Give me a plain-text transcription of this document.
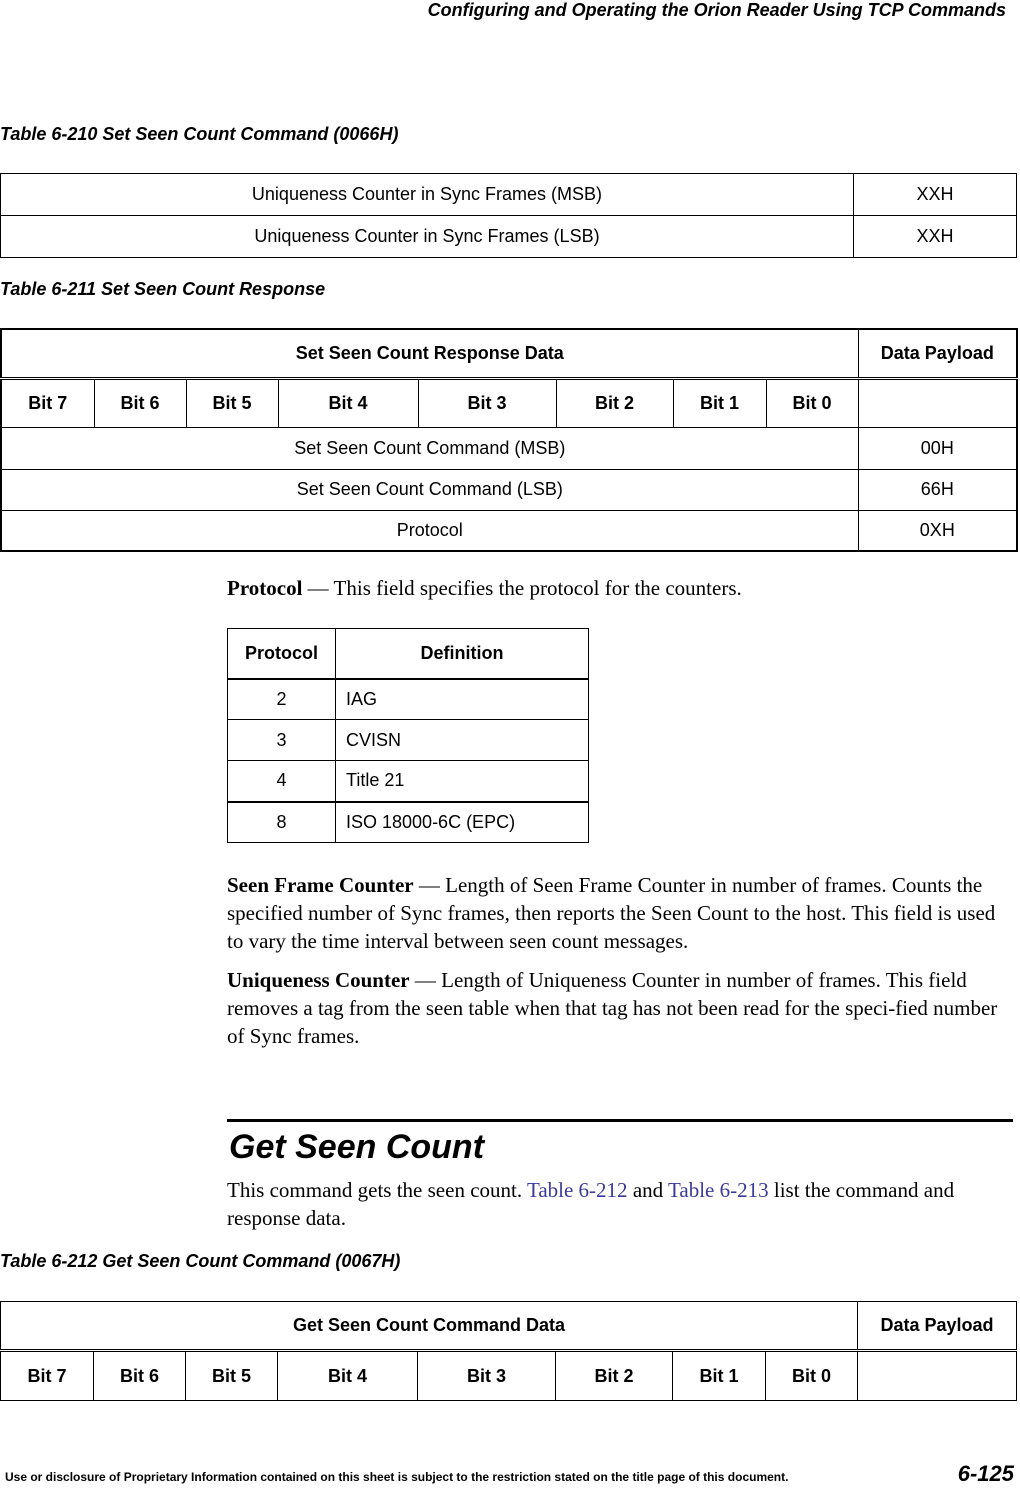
Configuring and Operating the Orion Reader Using TCP Commands
Table 6-210 Set Seen Count Command (0066H)
Uniqueness Counter in Sync Frames (MSB)	XXH
Uniqueness Counter in Sync Frames (LSB)	XXH
Table 6-211 Set Seen Count Response
Set Seen Count Response Data								Data Payload
Bit 7	Bit 6	Bit 5	Bit 4	Bit 3	Bit 2	Bit 1	Bit 0	
Set Seen Count Command (MSB)								00H
Set Seen Count Command (LSB)								66H
Protocol								0XH
Protocol — This field specifies the protocol for the counters.
Protocol	Definition
2	IAG
3	CVISN
4	Title 21
8	ISO 18000-6C (EPC)
Seen Frame Counter — Length of Seen Frame Counter in number of frames. Counts the specified number of Sync frames, then reports the Seen Count to the host. This field is used to vary the time interval between seen count messages.
Uniqueness Counter — Length of Uniqueness Counter in number of frames. This field removes a tag from the seen table when that tag has not been read for the speci-fied number of Sync frames.
Get Seen Count
This command gets the seen count. Table 6-212 and Table 6-213 list the command and response data.
Table 6-212 Get Seen Count Command (0067H)
Get Seen Count Command Data								Data Payload
Bit 7	Bit 6	Bit 5	Bit 4	Bit 3	Bit 2	Bit 1	Bit 0	
Use or disclosure of Proprietary Information contained on this sheet is subject to the restriction stated on the title page of this document.	6-125
